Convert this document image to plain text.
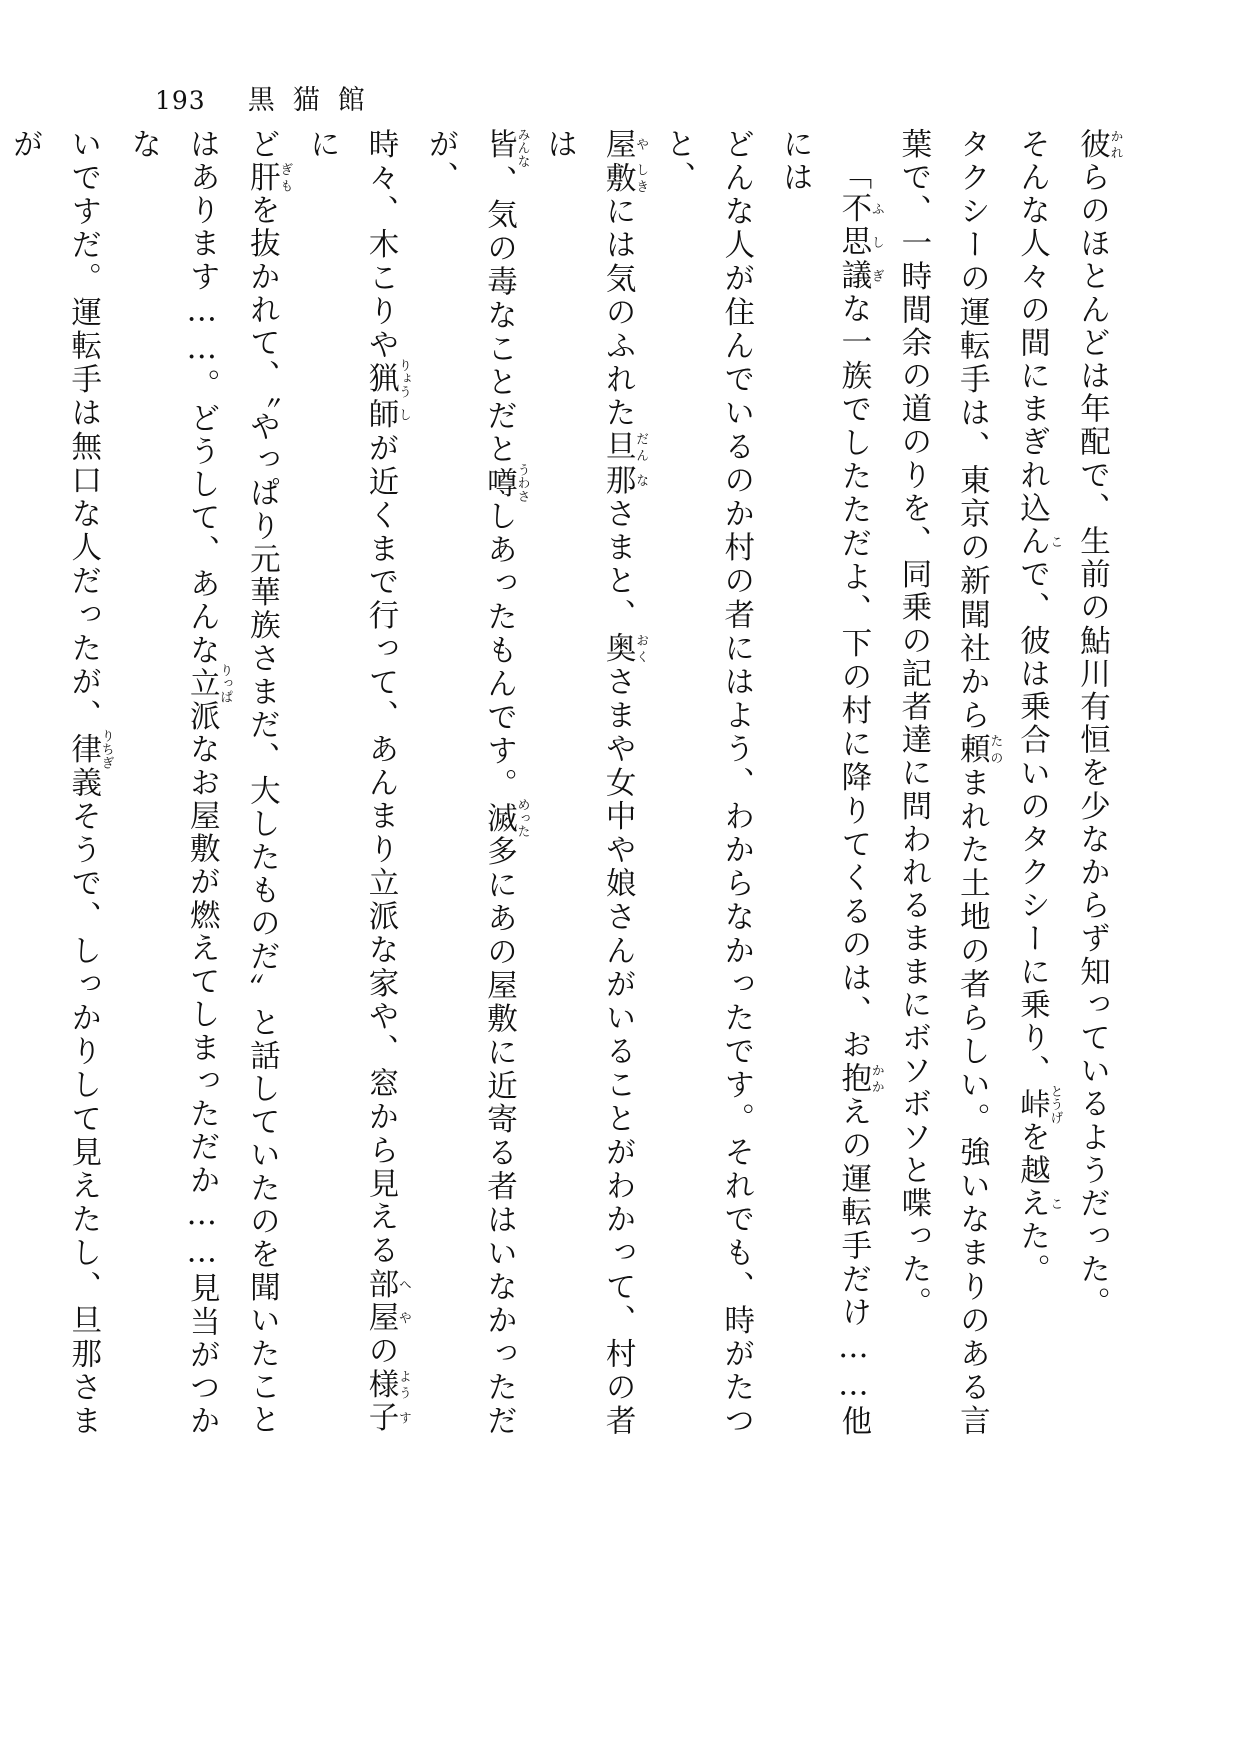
193 黒猫館

彼かれらのほとんどは年配で、生前の鮎川有恒を少なからず知っているようだった。

そんな人々の間にまぎれ込んこで、彼は乗合いのタクシーに乗り、峠とうげを越えこた。

タクシーの運転手は、東京の新聞社から頼たのまれた土地の者らしい。強いなまりのある言葉で、一時間余の道のりを、同乗の記者達に問われるままにボソボソと喋った。

「不ふ思し議ぎな一族でしたただよ、下の村に降りてくるのは、お抱かかえの運転手だけ……他には

どんな人が住んでいるのか村の者にはよう、わからなかったです。それでも、時がたつと、

屋や敷しきには気のふれた旦だん那なさまと、奥おくさまや女中や娘さんがいることがわかって、村の者は

皆みんな、気の毒なことだと噂うわさしあったもんです。滅めった多にあの屋敷に近寄る者はいなかっただが、

時々、木こりや猟りょう師しが近くまで行って、あんまり立派な家や、窓から見える部へ屋やの様よう子すに

ど肝ぎもを抜かれて、〝やっぱり元華族さまだ、大したものだ〟と話していたのを聞いたこと

はあります……。どうして、あんな立りっぱ派なお屋敷が燃えてしまっただか……見当がつかな

いですだ。運転手は無口な人だったが、律りちぎ義そうで、しっかりして見えたし、旦那さまが
